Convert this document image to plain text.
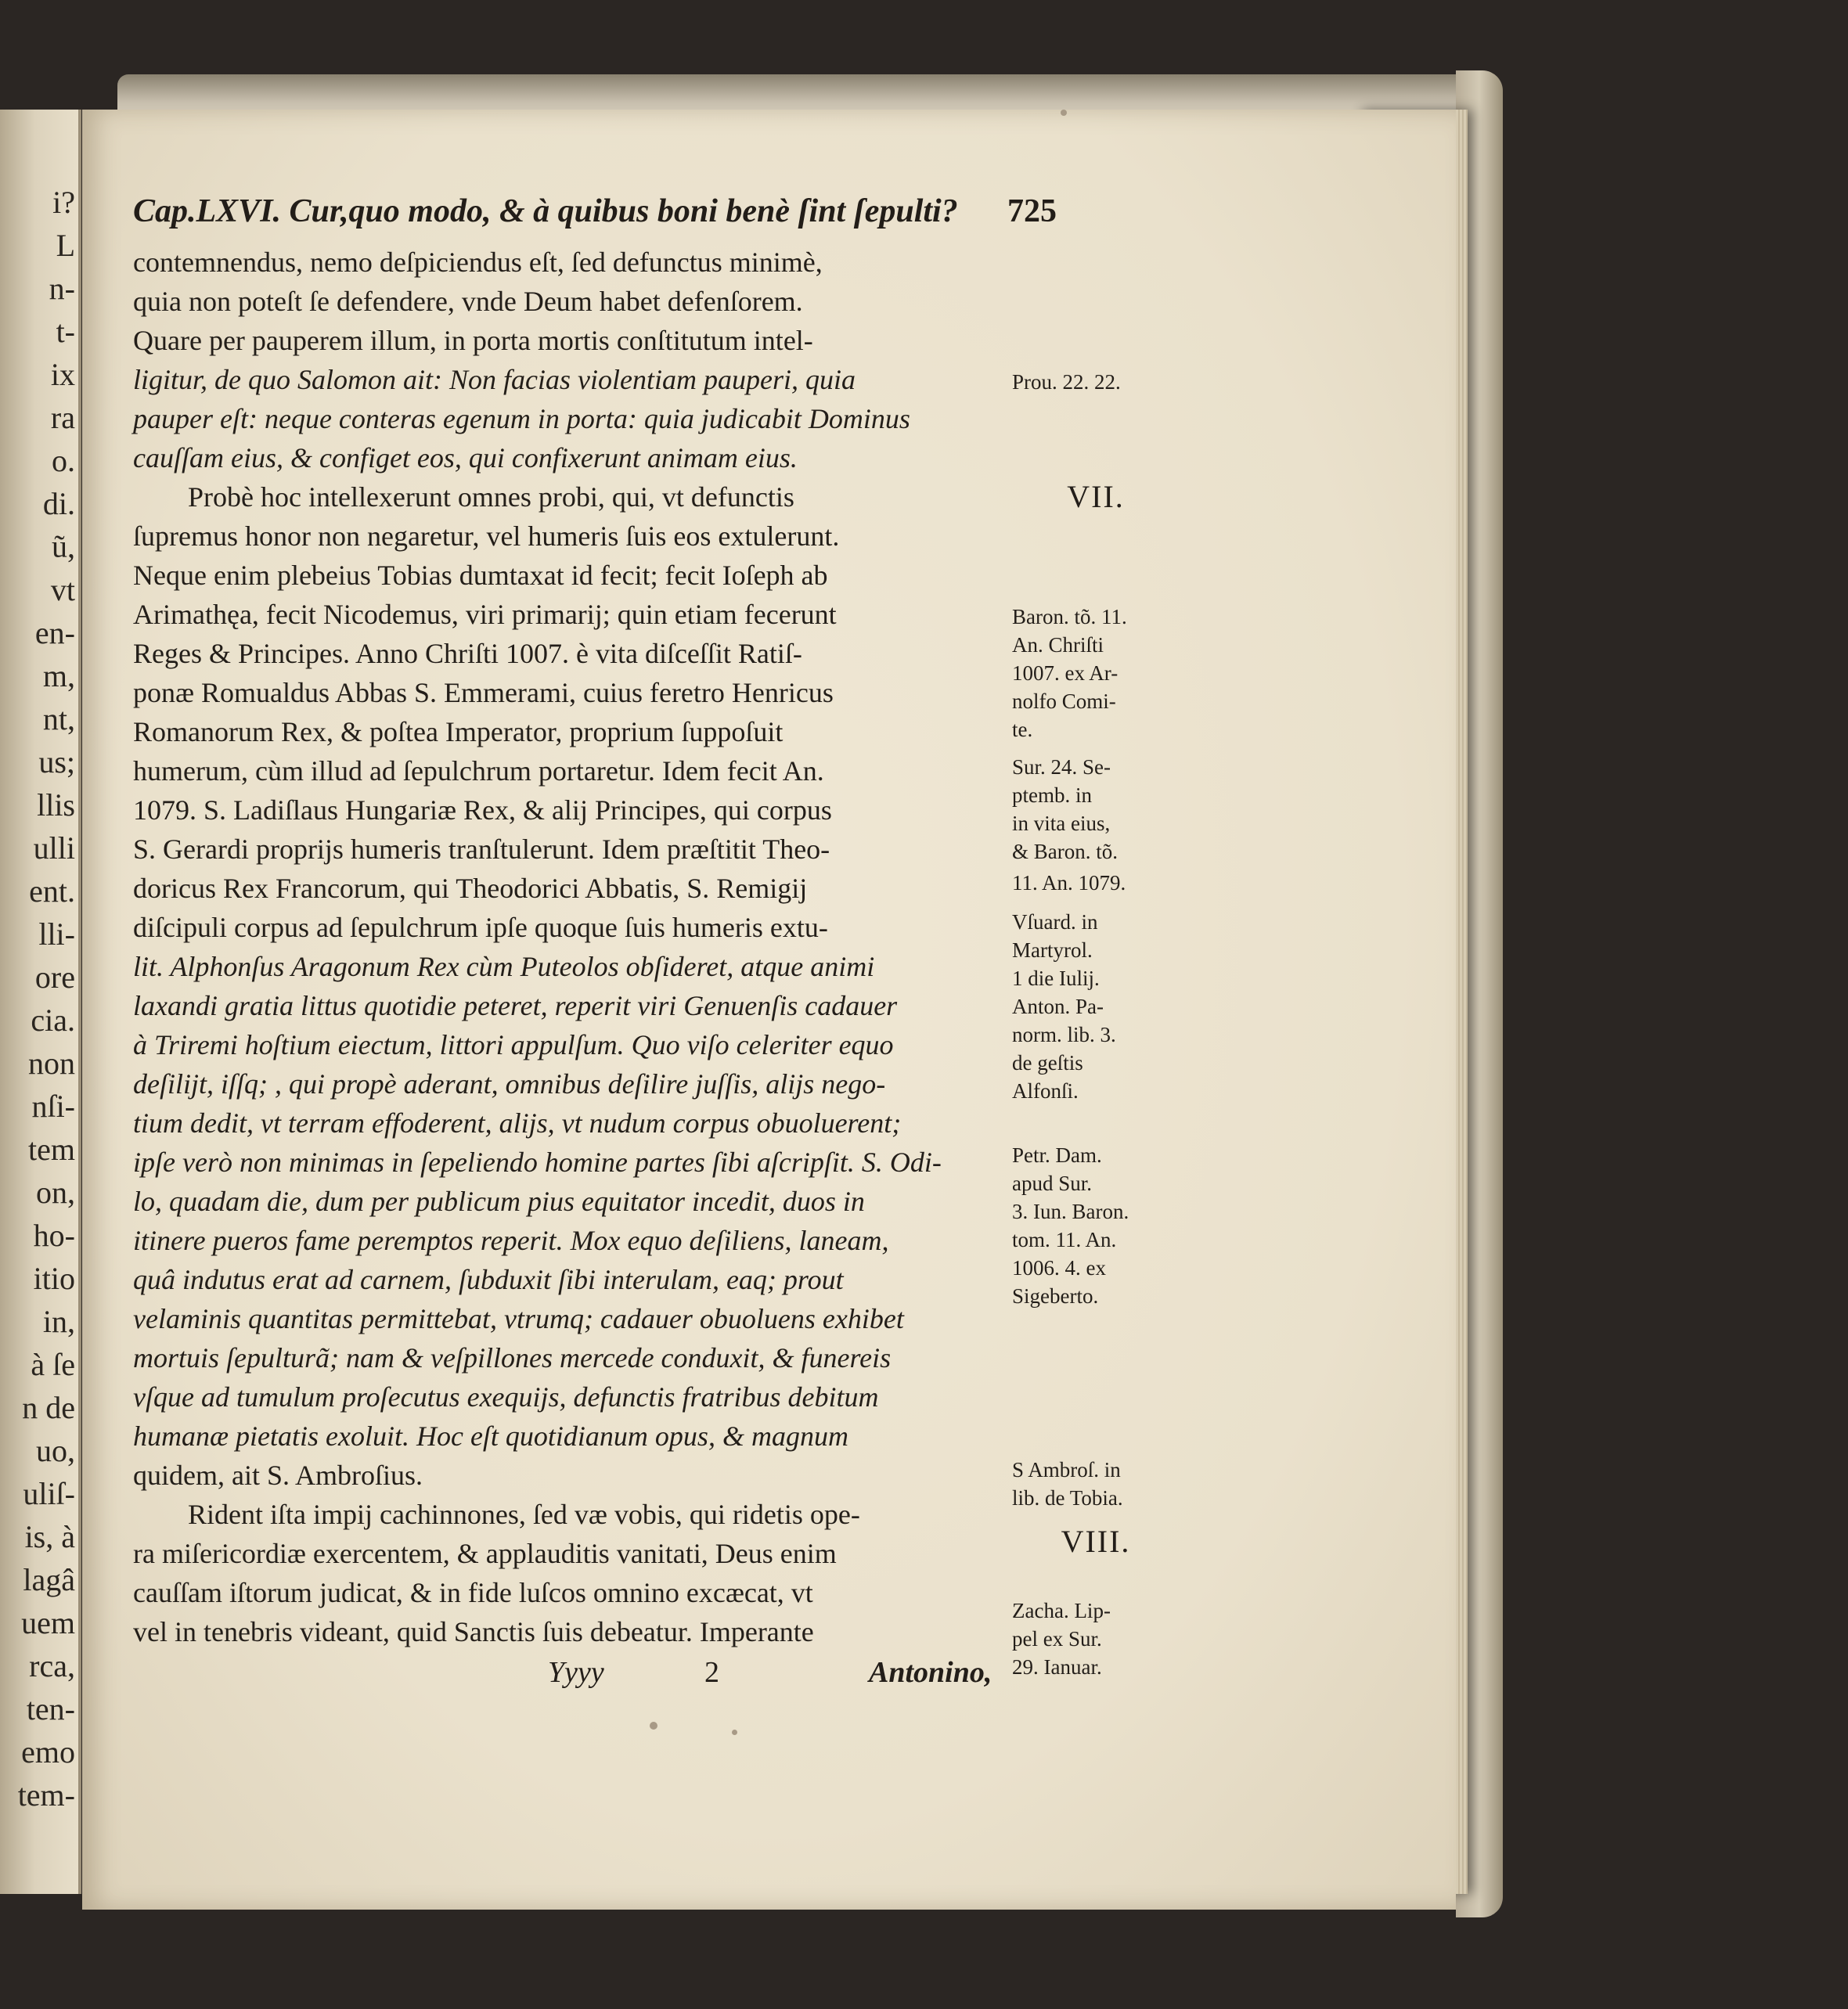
i?
L
n-
t-
ix
ra
o.
di.
ũ,
vt
en-
m,
nt,
us;
llis
ulli
ent.
lli-
ore
cia.
non
nſi-
tem
on,
ho-
itio
in,
à ſe
n de
uo,
uliſ-
is, à
lagâ
uem
rca,
ten-
emo
tem-
Cap.LXVI. Cur,quo modo, & à quibus boni benè ſint ſepulti? 725
contemnendus, nemo deſpiciendus eſt, ſed defunctus minimè,
quia non poteſt ſe defendere, vnde Deum habet defenſorem.
Quare per pauperem illum, in porta mortis conſtitutum intel-
ligitur, de quo Salomon ait: Non facias violentiam pauperi, quia
pauper eſt: neque conteras egenum in porta: quia judicabit Dominus
cauſſam eius, & configet eos, qui confixerunt animam eius.
Probè hoc intellexerunt omnes probi, qui, vt defunctis
ſupremus honor non negaretur, vel humeris ſuis eos extulerunt.
Neque enim plebeius Tobias dumtaxat id fecit; fecit Ioſeph ab
Arimathęa, fecit Nicodemus, viri primarij; quin etiam fecerunt
Reges & Principes. Anno Chriſti 1007. è vita diſceſſit Ratiſ-
ponæ Romualdus Abbas S. Emmerami, cuius feretro Henricus
Romanorum Rex, & poſtea Imperator, proprium ſuppoſuit
humerum, cùm illud ad ſepulchrum portaretur. Idem fecit An.
1079. S. Ladiſlaus Hungariæ Rex, & alij Principes, qui corpus
S. Gerardi proprijs humeris tranſtulerunt. Idem præſtitit Theo-
doricus Rex Francorum, qui Theodorici Abbatis, S. Remigij
diſcipuli corpus ad ſepulchrum ipſe quoque ſuis humeris extu-
lit. Alphonſus Aragonum Rex cùm Puteolos obſideret, atque animi
laxandi gratia littus quotidie peteret, reperit viri Genuenſis cadauer
à Triremi hoſtium eiectum, littori appulſum. Quo viſo celeriter equo
deſilijt, iſſq; , qui propè aderant, omnibus deſilire juſſis, alijs nego-
tium dedit, vt terram effoderent, alijs, vt nudum corpus obuoluerent;
ipſe verò non minimas in ſepeliendo homine partes ſibi aſcripſit. S. Odi-
lo, quadam die, dum per publicum pius equitator incedit, duos in
itinere pueros fame peremptos reperit. Mox equo deſiliens, laneam,
quâ indutus erat ad carnem, ſubduxit ſibi interulam, eaq; prout
velaminis quantitas permittebat, vtrumq; cadauer obuoluens exhibet
mortuis ſepulturã; nam & veſpillones mercede conduxit, & funereis
vſque ad tumulum proſecutus exequijs, defunctis fratribus debitum
humanæ pietatis exoluit. Hoc eſt quotidianum opus, & magnum
quidem, ait S. Ambroſius.
Rident iſta impij cachinnones, ſed væ vobis, qui ridetis ope-
ra miſericordiæ exercentem, & applauditis vanitati, Deus enim
cauſſam iſtorum judicat, & in fide luſcos omnino excæcat, vt
vel in tenebris videant, quid Sanctis ſuis debeatur. Imperante
Prou. 22. 22.
Baron. tõ. 11.
An. Chriſti
1007. ex Ar-
nolfo Comi-
te.
Sur. 24. Se-
ptemb. in
in vita eius,
& Baron. tõ.
11. An. 1079.
Vſuard. in
Martyrol.
1 die Iulij.
Anton. Pa-
norm. lib. 3.
de geſtis
Alfonſi.
Petr. Dam.
apud Sur.
3. Iun. Baron.
tom. 11. An.
1006. 4. ex
Sigeberto.
S Ambroſ. in
lib. de Tobia.
Zacha. Lip-
pel ex Sur.
29. Ianuar.
VII.
VIII.
Yyyy	2	Antonino,
